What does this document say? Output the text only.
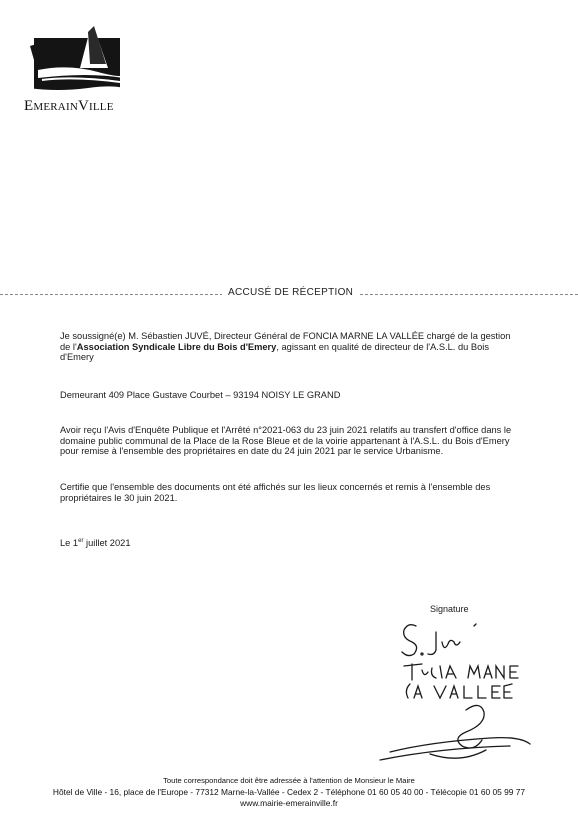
EMERAINVILLE
ACCUSÉ DE RÉCEPTION
Je soussigné(e) M. Sébastien JUVÉ, Directeur Général de FONCIA MARNE LA VALLÉE chargé de la gestion de l'Association Syndicale Libre du Bois d'Emery, agissant en qualité de directeur de l'A.S.L. du Bois d'Emery
Demeurant 409 Place Gustave Courbet – 93194 NOISY LE GRAND
Avoir reçu l'Avis d'Enquête Publique et l'Arrêté n°2021-063 du 23 juin 2021 relatifs au transfert d'office dans le domaine public communal de la Place de la Rose Bleue et de la voirie appartenant à l'A.S.L. du Bois d'Emery pour remise à l'ensemble des propriétaires en date du 24 juin 2021 par le service Urbanisme.
Certifie que l'ensemble des documents ont été affichés sur les lieux concernés et remis à l'ensemble des propriétaires le 30 juin 2021.
Le 1er juillet 2021
Signature
Toute correspondance doit être adressée à l'attention de Monsieur le Maire
Hôtel de Ville - 16, place de l'Europe - 77312 Marne-la-Vallée - Cedex 2 - Téléphone 01 60 05 40 00 - Télécopie 01 60 05 99 77
www.mairie-emerainville.fr
